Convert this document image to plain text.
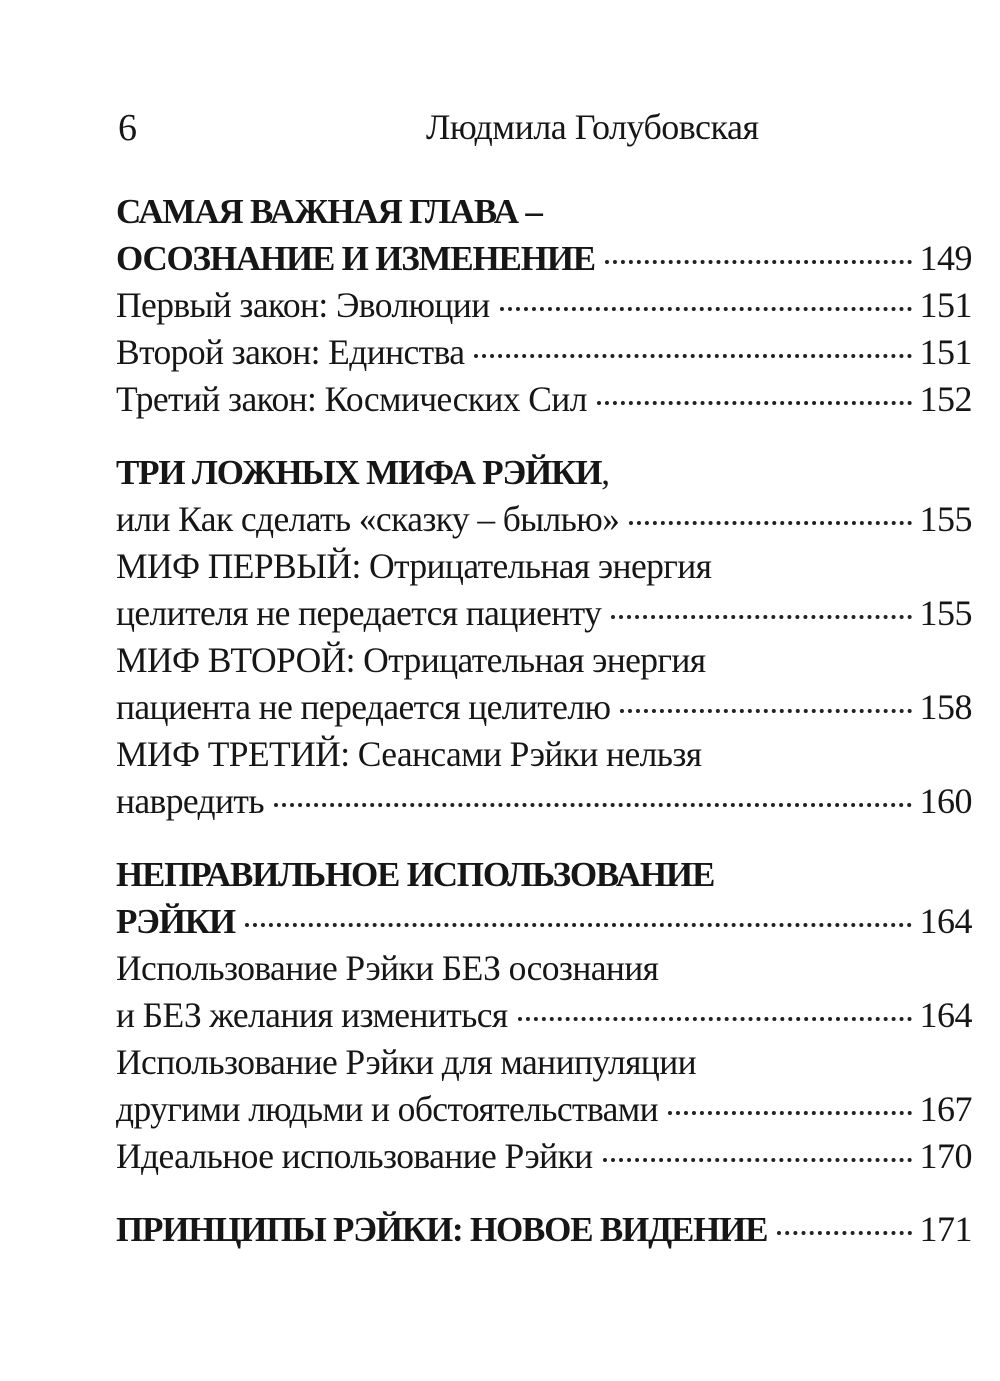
6	Людмила Голубовская
САМАЯ ВАЖНАЯ ГЛАВА –
ОСОЗНАНИЕ И ИЗМЕНЕНИЕ	149
Первый закон: Эволюции	151
Второй закон: Единства	151
Третий закон: Космических Сил	152
ТРИ ЛОЖНЫХ МИФА РЭЙКИ ,
или Как сделать «сказку – былью»	155
МИФ ПЕРВЫЙ: Отрицательная энергия
целителя не передается пациенту	155
МИФ ВТОРОЙ: Отрицательная энергия
пациента не передается целителю	158
МИФ ТРЕТИЙ: Сеансами Рэйки нельзя
навредить	160
НЕПРАВИЛЬНОЕ ИСПОЛЬЗОВАНИЕ
РЭЙКИ	164
Использование Рэйки БЕЗ осознания
и БЕЗ желания измениться	164
Использование Рэйки для манипуляции
другими людьми и обстоятельствами	167
Идеальное использование Рэйки	170
ПРИНЦИПЫ РЭЙКИ: НОВОЕ ВИДЕНИЕ	171
